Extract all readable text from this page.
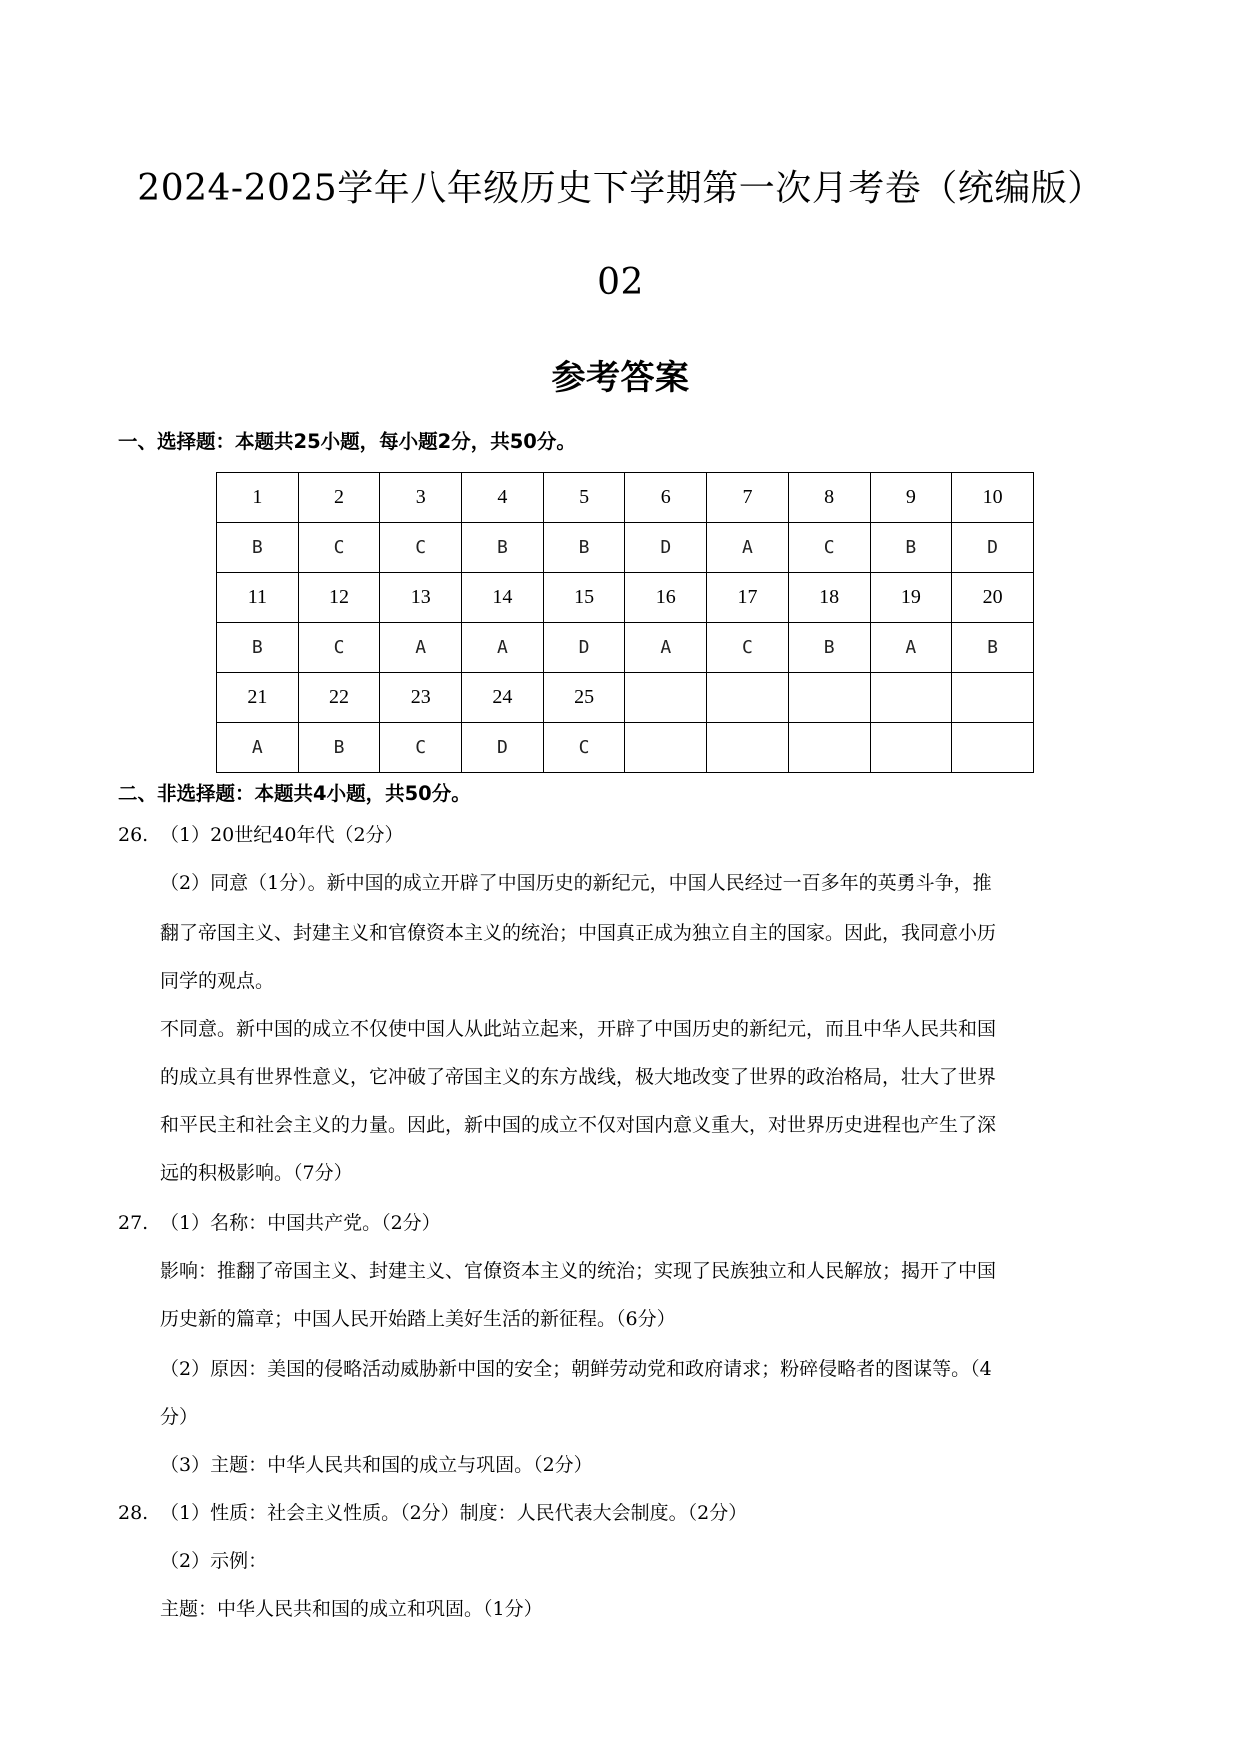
2024-2025学年八年级历史下学期第一次月考卷（统编版）
02
参考答案
一、选择题：本题共25小题，每小题2分，共50分。
1	2	3	4	5	6	7	8	9	10
B	C	C	B	B	D	A	C	B	D
11	12	13	14	15	16	17	18	19	20
B	C	A	A	D	A	C	B	A	B
21	22	23	24	25					
A	B	C	D	C					
二、非选择题：本题共4小题，共50分。
26. （1）20世纪40年代（2分）
（2）同意（1分）。新中国的成立开辟了中国历史的新纪元，中国人民经过一百多年的英勇斗争，推
翻了帝国主义、封建主义和官僚资本主义的统治；中国真正成为独立自主的国家。因此，我同意小历
同学的观点。
不同意。新中国的成立不仅使中国人从此站立起来，开辟了中国历史的新纪元，而且中华人民共和国
的成立具有世界性意义，它冲破了帝国主义的东方战线，极大地改变了世界的政治格局，壮大了世界
和平民主和社会主义的力量。因此，新中国的成立不仅对国内意义重大，对世界历史进程也产生了深
远的积极影响。（7分）
27. （1）名称：中国共产党。（2分）
影响：推翻了帝国主义、封建主义、官僚资本主义的统治；实现了民族独立和人民解放；揭开了中国
历史新的篇章；中国人民开始踏上美好生活的新征程。（6分）
（2）原因：美国的侵略活动威胁新中国的安全；朝鲜劳动党和政府请求；粉碎侵略者的图谋等。（4
分）
（3）主题：中华人民共和国的成立与巩固。（2分）
28. （1）性质：社会主义性质。（2分）制度：人民代表大会制度。（2分）
（2）示例：
主题：中华人民共和国的成立和巩固。（1分）
